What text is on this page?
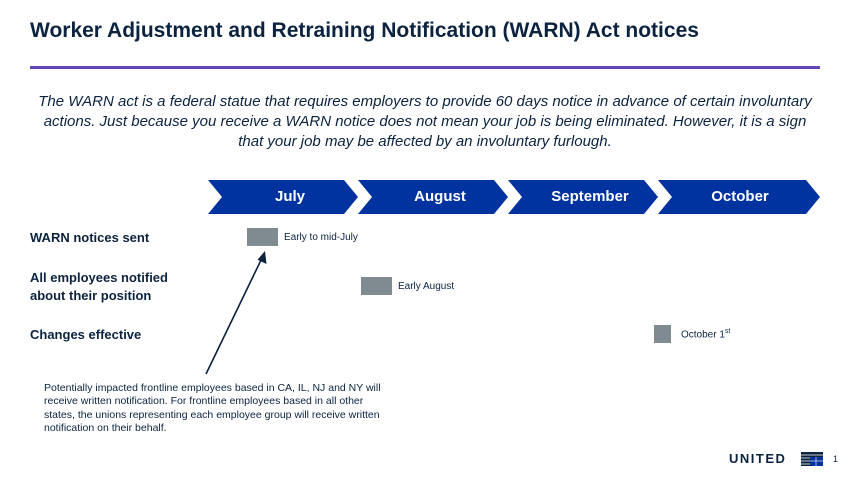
Worker Adjustment and Retraining Notification (WARN) Act notices
The WARN act is a federal statue that requires employers to provide 60 days notice in advance of certain involuntary actions. Just because you receive a WARN notice does not mean your job is being eliminated. However, it is a sign that your job may be affected by an involuntary furlough.
July	August	September	October
WARN notices sent
All employees notified about their position
Changes effective
Early to mid-July
Early August
October 1st
Potentially impacted frontline employees based in CA, IL, NJ and NY will receive written notification. For frontline employees based in all other states, the unions representing each employee group will receive written notification on their behalf.
UNITED	1
